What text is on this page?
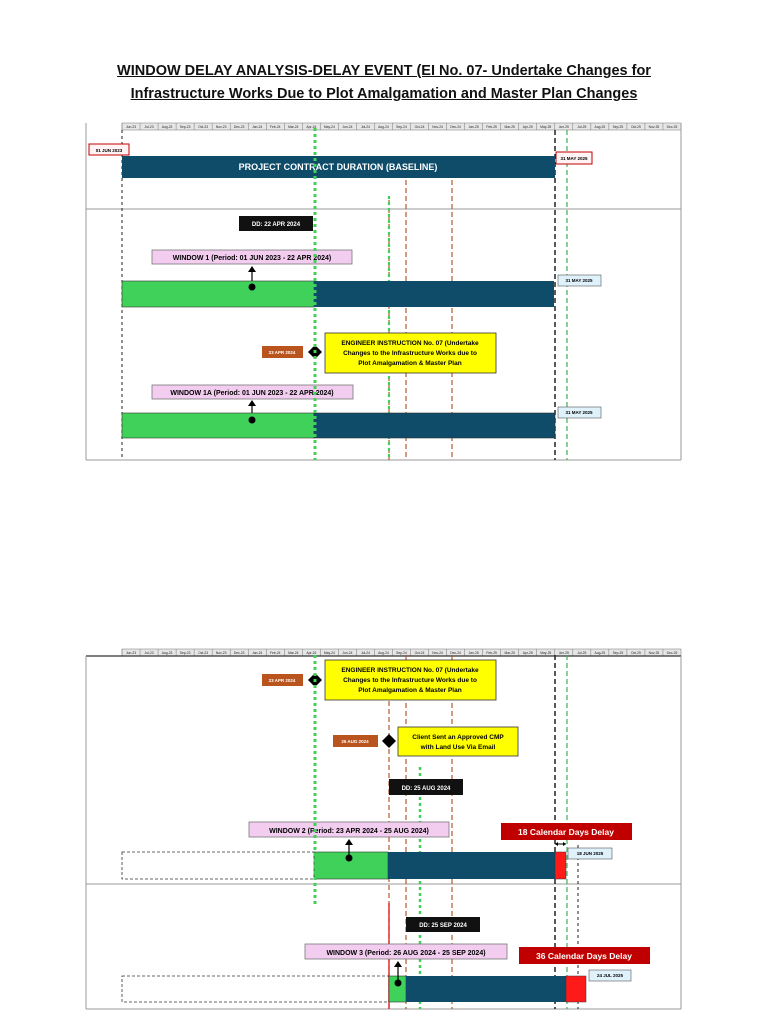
WINDOW DELAY ANALYSIS-DELAY EVENT (EI No. 07- Undertake Changes for
Infrastructure Works Due to Plot Amalgamation and Master Plan Changes
Jun-23	Jul-23 Aug-23 Sep-23 Oct-23 Nov-23 Dec-23 Jan-24 Feb-24 Mar-24 Apr-24 May-24 Jun-24	Jul-24 Aug-24 Sep-24 Oct-24 Nov-24 Dec-24 Jan-25 Feb-25 Mar-25 Apr-25 May-25 Jun-25	Jul-25 Aug-25 Sep-25 Oct-25 Nov-25 Dec-25
01 JUN 2023
PROJECT CONTRACT DURATION (BASELINE)
31 MAY 2025
DD: 22 APR 2024
WINDOW 1 (Period: 01 JUN 2023 - 22 APR 2024)
31 MAY 2025
23 APR 2024
ENGINEER INSTRUCTION No. 07 (Undertake
Changes to the Infrastructure Works due to
Plot Amalgamation & Master Plan
WINDOW 1A (Period: 01 JUN 2023 - 22 APR 2024)
31 MAY 2025
Jun-23	Jul-23 Aug-23 Sep-23 Oct-23 Nov-23 Dec-23 Jan-24 Feb-24 Mar-24 Apr-24 May-24 Jun-24	Jul-24 Aug-24 Sep-24 Oct-24 Nov-24 Dec-24 Jan-25 Feb-25 Mar-25 Apr-25 May-25 Jun-25	Jul-25 Aug-25 Sep-25 Oct-25 Nov-25 Dec-25
23 APR 2024
ENGINEER INSTRUCTION No. 07 (Undertake
Changes to the Infrastructure Works due to
Plot Amalgamation & Master Plan
25 AUG 2024
Client Sent an Approved CMP
with Land Use Via Email
DD: 25 AUG 2024
WINDOW 2 (Period: 23 APR 2024 - 25 AUG 2024)	18 Calendar Days Delay
18 JUN 2025
DD: 25 SEP 2024
WINDOW 3 (Period: 26 AUG 2024 - 25 SEP 2024)	36 Calendar Days Delay
24 JUL 2025
